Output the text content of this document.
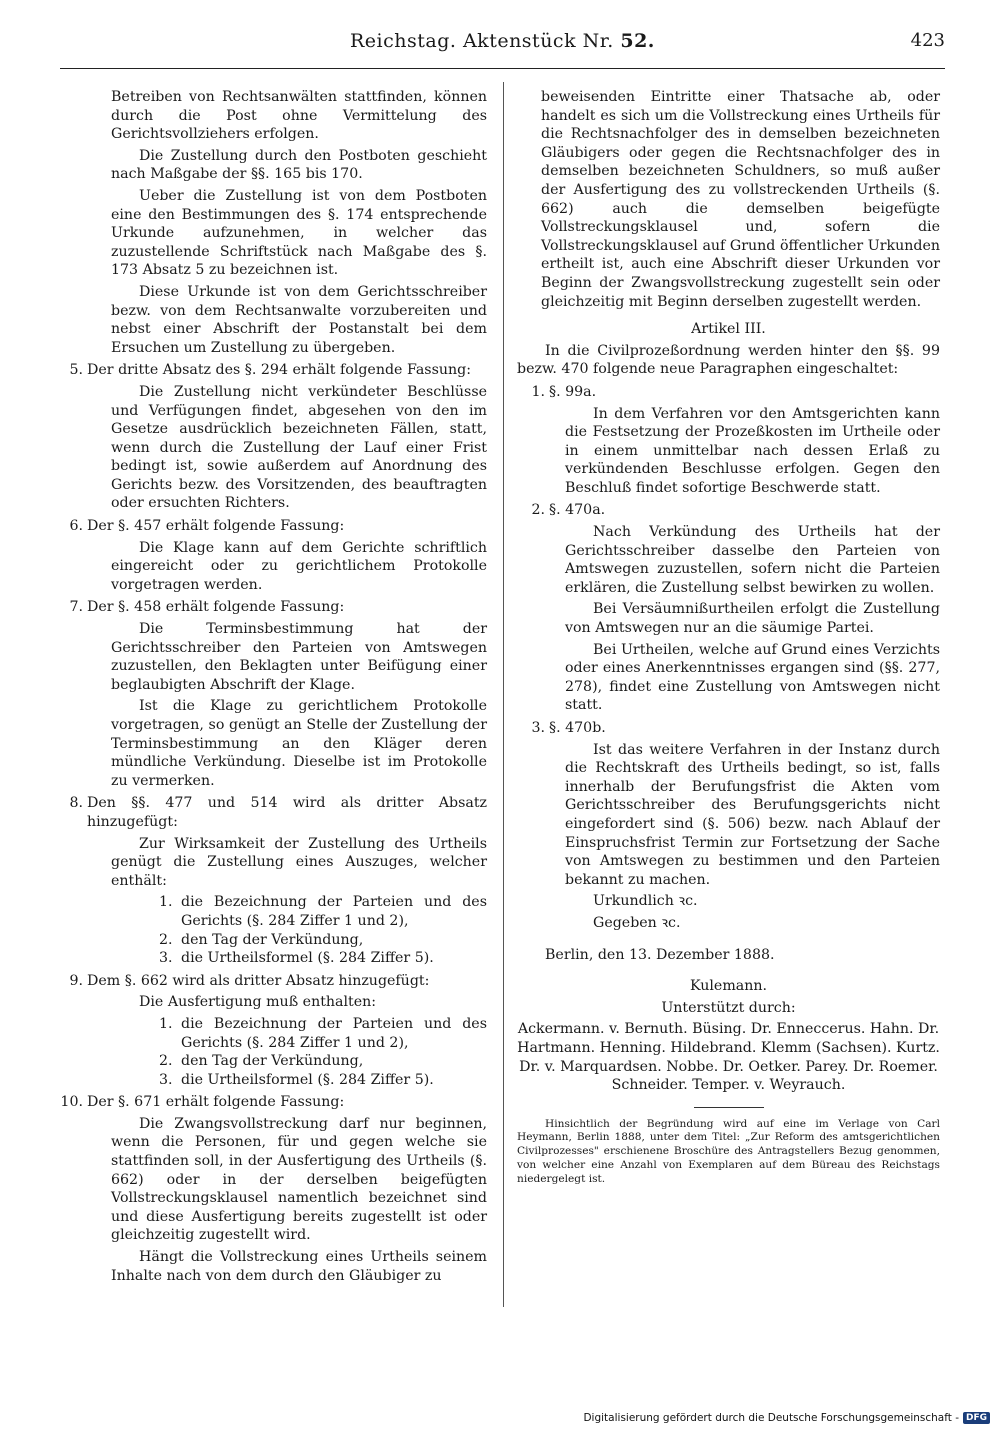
Reichstag. Aktenstück Nr. 52.	423

Betreiben von Rechtsanwälten stattfinden, können durch die Post ohne Vermittelung des Gerichtsvollziehers erfolgen.

Die Zustellung durch den Postboten geschieht nach Maßgabe der §§. 165 bis 170.

Ueber die Zustellung ist von dem Postboten eine den Bestimmungen des §. 174 entsprechende Urkunde aufzunehmen, in welcher das zuzustellende Schriftstück nach Maßgabe des §. 173 Absatz 5 zu bezeichnen ist.

Diese Urkunde ist von dem Gerichtsschreiber bezw. von dem Rechtsanwalte vorzubereiten und nebst einer Abschrift der Postanstalt bei dem Ersuchen um Zustellung zu übergeben.

5. Der dritte Absatz des §. 294 erhält folgende Fassung:

Die Zustellung nicht verkündeter Beschlüsse und Verfügungen findet, abgesehen von den im Gesetze ausdrücklich bezeichneten Fällen, statt, wenn durch die Zustellung der Lauf einer Frist bedingt ist, sowie außerdem auf Anordnung des Gerichts bezw. des Vorsitzenden, des beauftragten oder ersuchten Richters.

6. Der §. 457 erhält folgende Fassung:

Die Klage kann auf dem Gerichte schriftlich eingereicht oder zu gerichtlichem Protokolle vorgetragen werden.

7. Der §. 458 erhält folgende Fassung:

Die Terminsbestimmung hat der Gerichtsschreiber den Parteien von Amtswegen zuzustellen, den Beklagten unter Beifügung einer beglaubigten Abschrift der Klage.

Ist die Klage zu gerichtlichem Protokolle vorgetragen, so genügt an Stelle der Zustellung der Terminsbestimmung an den Kläger deren mündliche Verkündung. Dieselbe ist im Protokolle zu vermerken.

8. Den §§. 477 und 514 wird als dritter Absatz hinzugefügt:

Zur Wirksamkeit der Zustellung des Urtheils genügt die Zustellung eines Auszuges, welcher enthält:

1. die Bezeichnung der Parteien und des Gerichts (§. 284 Ziffer 1 und 2),
2. den Tag der Verkündung,
3. die Urtheilsformel (§. 284 Ziffer 5).
9. Dem §. 662 wird als dritter Absatz hinzugefügt:

Die Ausfertigung muß enthalten:

1. die Bezeichnung der Parteien und des Gerichts (§. 284 Ziffer 1 und 2),
2. den Tag der Verkündung,
3. die Urtheilsformel (§. 284 Ziffer 5).
10. Der §. 671 erhält folgende Fassung:

Die Zwangsvollstreckung darf nur beginnen, wenn die Personen, für und gegen welche sie stattfinden soll, in der Ausfertigung des Urtheils (§. 662) oder in der derselben beigefügten Vollstreckungsklausel namentlich bezeichnet sind und diese Ausfertigung bereits zugestellt ist oder gleichzeitig zugestellt wird.

Hängt die Vollstreckung eines Urtheils seinem Inhalte nach von dem durch den Gläubiger zu

beweisenden Eintritte einer Thatsache ab, oder handelt es sich um die Vollstreckung eines Urtheils für die Rechtsnachfolger des in demselben bezeichneten Gläubigers oder gegen die Rechtsnachfolger des in demselben bezeichneten Schuldners, so muß außer der Ausfertigung des zu vollstreckenden Urtheils (§. 662) auch die demselben beigefügte Vollstreckungsklausel und, sofern die Vollstreckungsklausel auf Grund öffentlicher Urkunden ertheilt ist, auch eine Abschrift dieser Urkunden vor Beginn der Zwangsvollstreckung zugestellt sein oder gleichzeitig mit Beginn derselben zugestellt werden.

Artikel III.

In die Civilprozeßordnung werden hinter den §§. 99 bezw. 470 folgende neue Paragraphen eingeschaltet:

1. §. 99a.

In dem Verfahren vor den Amtsgerichten kann die Festsetzung der Prozeßkosten im Urtheile oder in einem unmittelbar nach dessen Erlaß zu verkündenden Beschlusse erfolgen. Gegen den Beschluß findet sofortige Beschwerde statt.

2. §. 470a.

Nach Verkündung des Urtheils hat der Gerichtsschreiber dasselbe den Parteien von Amtswegen zuzustellen, sofern nicht die Parteien erklären, die Zustellung selbst bewirken zu wollen.

Bei Versäumnißurtheilen erfolgt die Zustellung von Amtswegen nur an die säumige Partei.

Bei Urtheilen, welche auf Grund eines Verzichts oder eines Anerkenntnisses ergangen sind (§§. 277, 278), findet eine Zustellung von Amtswegen nicht statt.

3. §. 470b.

Ist das weitere Verfahren in der Instanz durch die Rechtskraft des Urtheils bedingt, so ist, falls innerhalb der Berufungsfrist die Akten vom Gerichtsschreiber des Berufungsgerichts nicht eingefordert sind (§. 506) bezw. nach Ablauf der Einspruchsfrist Termin zur Fortsetzung der Sache von Amtswegen zu bestimmen und den Parteien bekannt zu machen.

Urkundlich ꝛc.

Gegeben ꝛc.

Berlin, den 13. Dezember 1888.

Kulemann.

Unterstützt durch:

Ackermann. v. Bernuth. Büsing. Dr. Enneccerus. Hahn. Dr. Hartmann. Henning. Hildebrand. Klemm (Sachsen). Kurtz. Dr. v. Marquardsen. Nobbe. Dr. Oetker. Parey. Dr. Roemer. Schneider. Temper. v. Weyrauch.

Hinsichtlich der Begründung wird auf eine im Verlage von Carl Heymann, Berlin 1888, unter dem Titel: „Zur Reform des amtsgerichtlichen Civilprozesses" erschienene Broschüre des Antragstellers Bezug genommen, von welcher eine Anzahl von Exemplaren auf dem Büreau des Reichstags niedergelegt ist.

Digitalisierung gefördert durch die Deutsche Forschungsgemeinschaft - DFG
